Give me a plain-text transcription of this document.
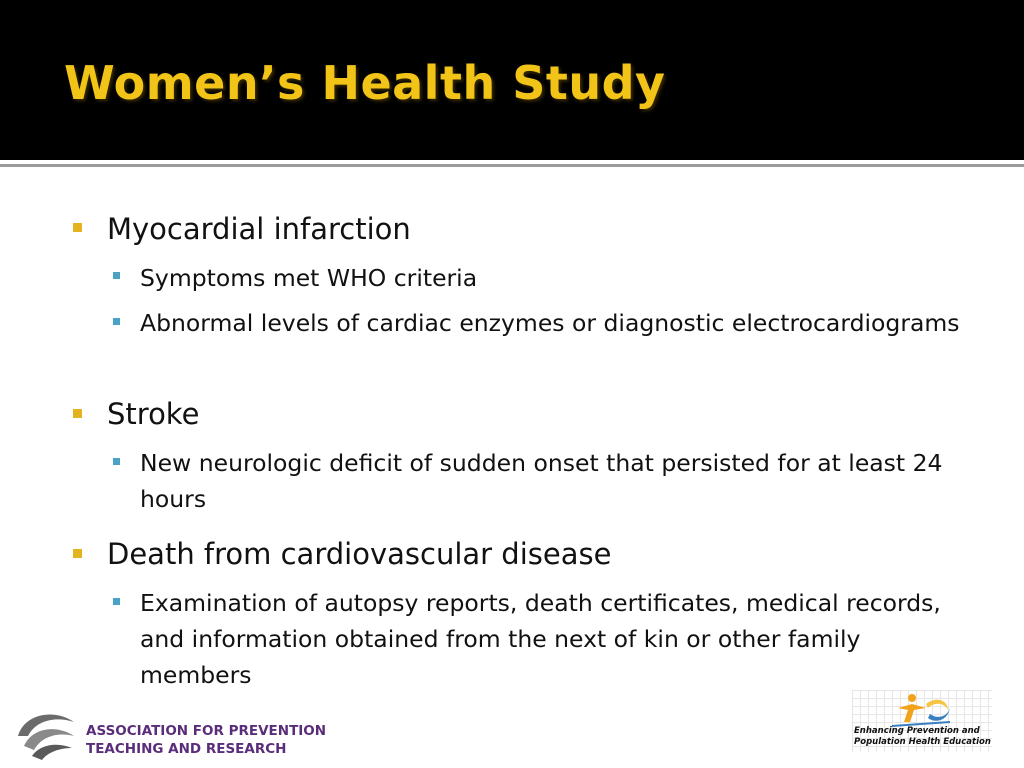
Women’s Health Study

Myocardial infarction

Symptoms met WHO criteria

Abnormal levels of cardiac enzymes or diagnostic electrocardiograms

Stroke

New neurologic deficit of sudden onset that persisted for at least 24 hours

Death from cardiovascular disease

Examination of autopsy reports, death certificates, medical records, and information obtained from the next of kin or other family members

ASSOCIATION FOR PREVENTION
TEACHING AND RESEARCH

Enhancing Prevention and
Population Health Education
